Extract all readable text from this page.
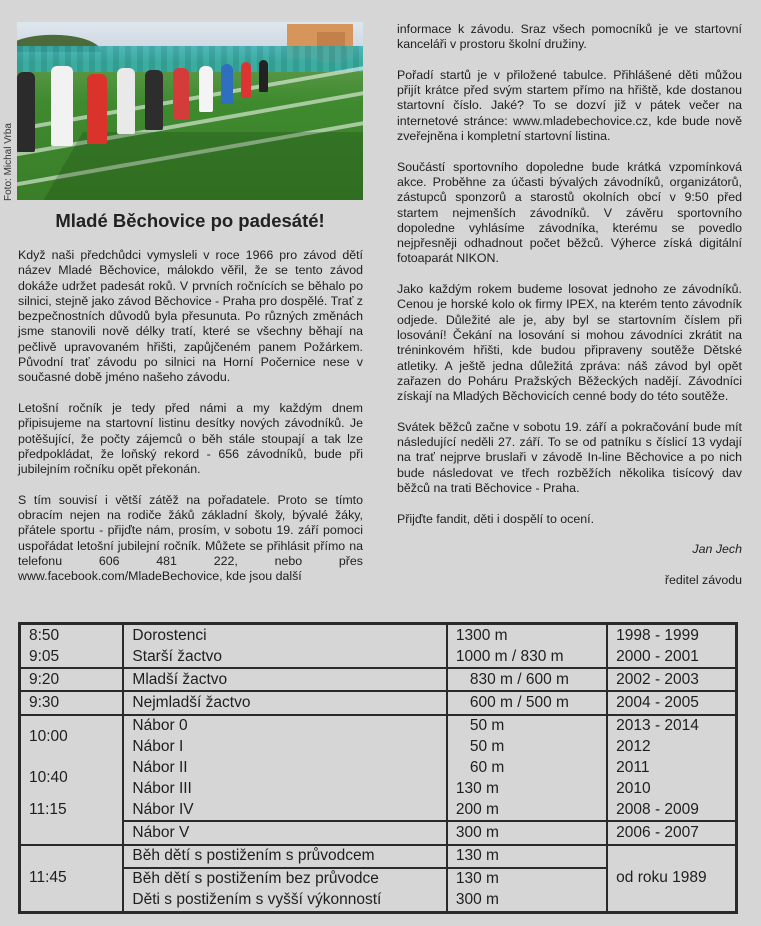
Foto: Michal Vrba
Mladé Běchovice po padesáté!

Když naši předchůdci vymysleli v roce 1966 pro závod dětí název Mladé Běchovice, málokdo věřil, že se tento závod dokáže udržet padesát roků. V prvních ročnících se běhalo po silnici, stejně jako závod Běchovice - Praha pro dospělé. Trať z bezpečnostních důvodů byla přesunuta. Po různých změnách jsme stanovili nově délky tratí, které se všechny běhají na pečlivě upravovaném hřišti, zapůjčeném panem Požárkem. Původní trať závodu po silnici na Horní Počernice nese v současné době jméno našeho závodu.

Letošní ročník je tedy před námi a my každým dnem připisujeme na startovní listinu desítky nových závodníků. Je potěšující, že počty zájemců o běh stále stoupají a tak lze předpokládat, že loňský rekord - 656 závodníků, bude při jubilejním ročníku opět překonán.

S tím souvisí i větší zátěž na pořadatele. Proto se tímto obracím nejen na rodiče žáků základní školy, bývalé žáky, přátele sportu - přijďte nám, prosím, v sobotu 19. září pomoci uspořádat letošní jubilejní ročník. Můžete se přihlásit přímo na telefonu 606 481 222, nebo přes www.facebook.com/MladeBechovice, kde jsou další

informace k závodu. Sraz všech pomocníků je ve startovní kanceláři v prostoru školní družiny.

Pořadí startů je v přiložené tabulce. Přihlášené děti můžou přijít krátce před svým startem přímo na hřiště, kde dostanou startovní číslo. Jaké? To se dozví již v pátek večer na internetové stránce: www.mladebechovice.cz, kde bude nově zveřejněna i kompletní startovní listina.

Součástí sportovního dopoledne bude krátká vzpomínková akce. Proběhne za účasti bývalých závodníků, organizátorů, zástupců sponzorů a starostů okolních obcí v 9:50 před startem nejmenších závodníků. V závěru sportovního dopoledne vyhlásíme závodníka, kterému se povedlo nejpřesněji odhadnout počet běžců. Výherce získá digitální fotoaparát NIKON.

Jako každým rokem budeme losovat jednoho ze závodníků. Cenou je horské kolo ok firmy IPEX, na kterém tento závodník odjede. Důležité ale je, aby byl se startovním číslem při losování! Čekání na losování si mohou závodníci zkrátit na tréninkovém hřišti, kde budou připraveny soutěže Dětské atletiky. A ještě jedna důležitá zpráva: náš závod byl opět zařazen do Poháru Pražských Běžeckých nadějí. Závodníci získají na Mladých Běchovicích cenné body do této soutěže.

Svátek běžců začne v sobotu 19. září a pokračování bude mít následující neděli 27. září. To se od patníku s číslicí 13 vydají na trať nejprve bruslaři v závodě In-line Běchovice a po nich bude následovat ve třech rozběžích několika tisícový dav běžců na trati Běchovice - Praha.

Přijďte fandit, děti i dospělí to ocení.

Jan Jech

ředitel závodu

8:50	Dorostenci	1300 m	1998 - 1999
9:05	Starší žactvo	1000 m / 830 m	2000 - 2001
9:20	Mladší žactvo	830 m / 600 m	2002 - 2003
9:30	Nejmladší žactvo	600 m / 500 m	2004 - 2005
10:00	Nábor 0	50 m	2013 - 2014
	Nábor I	50 m	2012
10:40	Nábor II	60 m	2011
	Nábor III	130 m	2010
11:15	Nábor IV	200 m	2008 - 2009
	Nábor V	300 m	2006 - 2007
11:45	Běh dětí s postižením s průvodcem	130 m	od roku 1989
	Běh dětí s postižením bez průvodce	130 m	
	Děti s postižením s vyšší výkonností	300 m	
